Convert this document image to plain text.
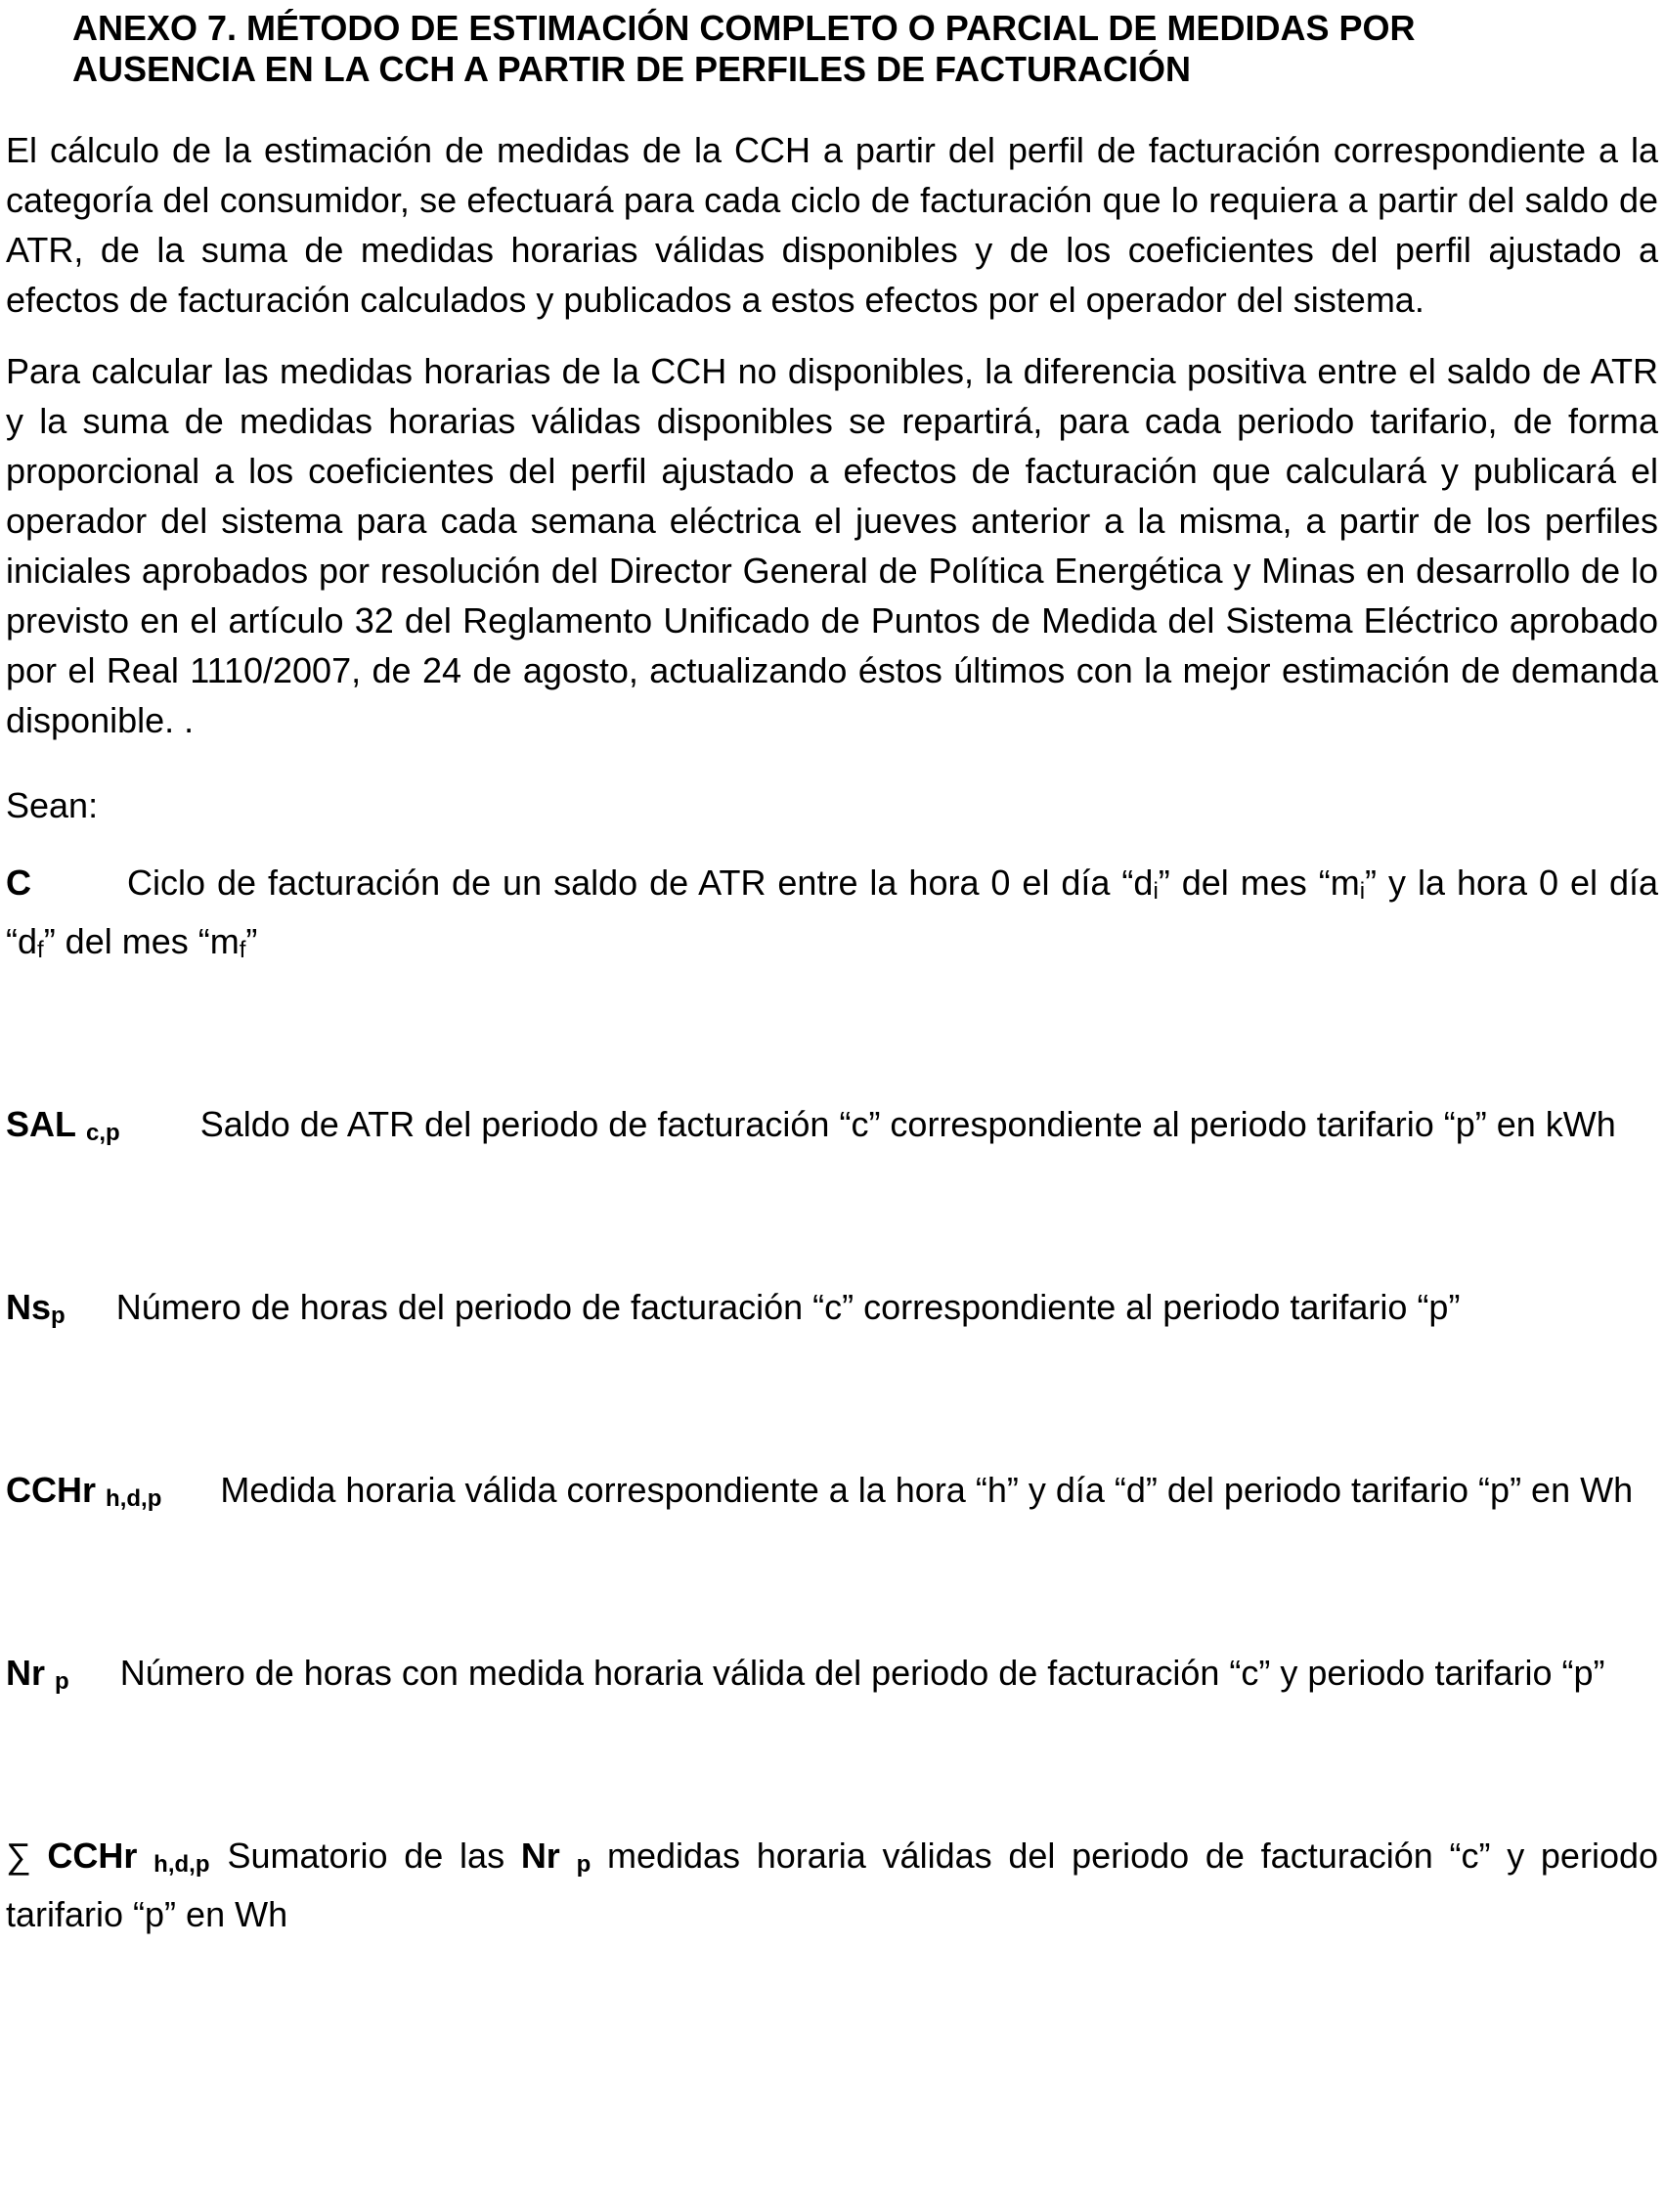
ANEXO 7. MÉTODO DE ESTIMACIÓN COMPLETO O PARCIAL DE MEDIDAS POR
AUSENCIA EN LA CCH A PARTIR DE PERFILES DE FACTURACIÓN

El cálculo de la estimación de medidas de la CCH a partir del perfil de facturación correspondiente a la categoría del consumidor, se efectuará para cada ciclo de facturación que lo requiera a partir del saldo de ATR, de la suma de medidas horarias válidas disponibles y de los coeficientes del perfil ajustado a efectos de facturación calculados y publicados a estos efectos por el operador del sistema.

Para calcular las medidas horarias de la CCH no disponibles, la diferencia positiva entre el saldo de ATR y la suma de medidas horarias válidas disponibles se repartirá, para cada periodo tarifario, de forma proporcional a los coeficientes del perfil ajustado a efectos de facturación que calculará y publicará el operador del sistema para cada semana eléctrica el jueves anterior a la misma, a partir de los perfiles iniciales aprobados por resolución del Director General de Política Energética y Minas en desarrollo de lo previsto en el artículo 32 del Reglamento Unificado de Puntos de Medida del Sistema Eléctrico aprobado por el Real 1110/2007, de 24 de agosto, actualizando éstos últimos con la mejor estimación de demanda disponible. .

Sean:

C	Ciclo de facturación de un saldo de ATR entre la hora 0 el día “di” del mes “mi” y la hora 0 el día “df” del mes “mf”

SAL c,p Saldo de ATR del periodo de facturación “c” correspondiente al periodo tarifario “p” en kWh

Nsp Número de horas del periodo de facturación “c” correspondiente al periodo tarifario “p”

CCHr h,d,p Medida horaria válida correspondiente a la hora “h” y día “d” del periodo tarifario “p” en Wh

Nr p Número de horas con medida horaria válida del periodo de facturación “c” y periodo tarifario “p”

∑ CCHr h,d,p Sumatorio de las Nr p medidas horaria válidas del periodo de facturación “c” y periodo tarifario “p” en Wh
